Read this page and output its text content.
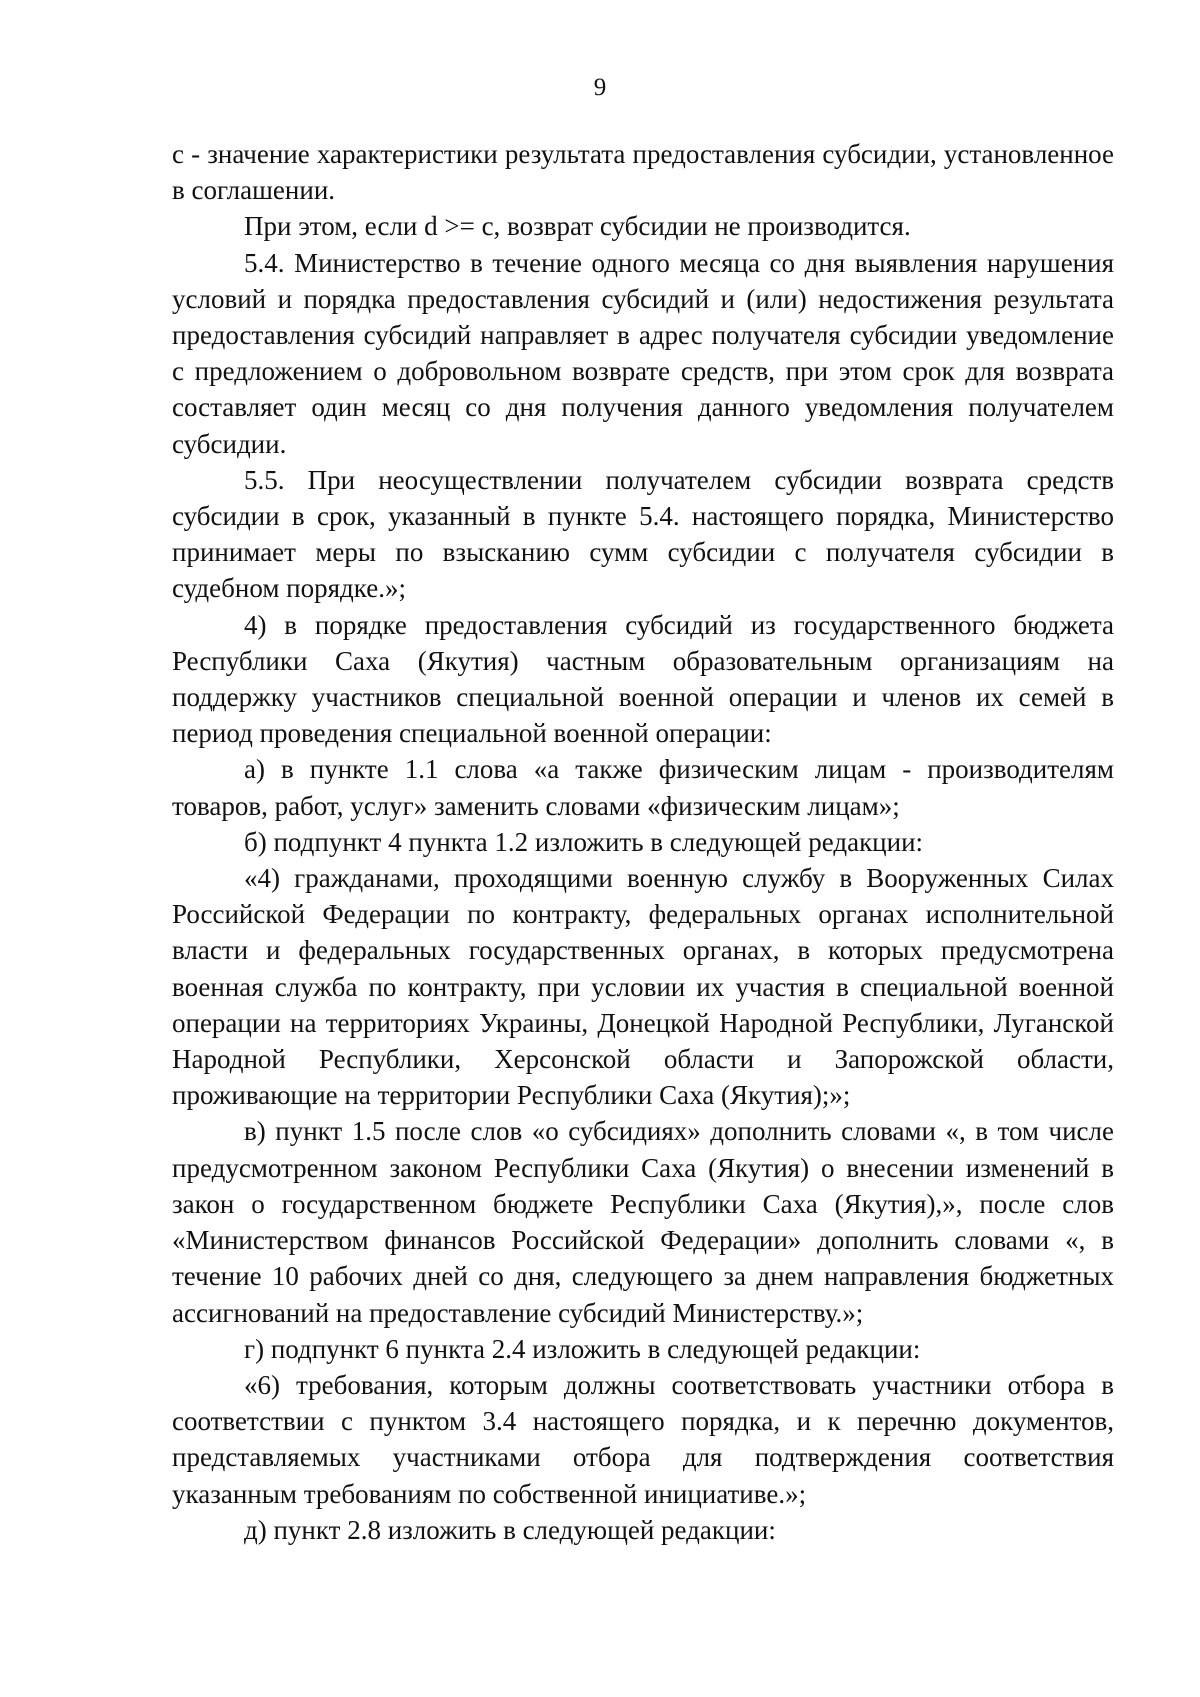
9

с - значение характеристики результата предоставления субсидии, установленное в соглашении.

При этом, если d >= c, возврат субсидии не производится.

5.4. Министерство в течение одного месяца со дня выявления нарушения условий и порядка предоставления субсидий и (или) недостижения результата предоставления субсидий направляет в адрес получателя субсидии уведомление с предложением о добровольном возврате средств, при этом срок для возврата составляет один месяц со дня получения данного уведомления получателем субсидии.

5.5. При неосуществлении получателем субсидии возврата средств субсидии в срок, указанный в пункте 5.4. настоящего порядка, Министерство принимает меры по взысканию сумм субсидии с получателя субсидии в судебном порядке.»;

4) в порядке предоставления субсидий из государственного бюджета Республики Саха (Якутия) частным образовательным организациям на поддержку участников специальной военной операции и членов их семей в период проведения специальной военной операции:

а) в пункте 1.1 слова «а также физическим лицам - производителям товаров, работ, услуг» заменить словами «физическим лицам»;

б) подпункт 4 пункта 1.2 изложить в следующей редакции:

«4) гражданами, проходящими военную службу в Вооруженных Силах Российской Федерации по контракту, федеральных органах исполнительной власти и федеральных государственных органах, в которых предусмотрена военная служба по контракту, при условии их участия в специальной военной операции на территориях Украины, Донецкой Народной Республики, Луганской Народной Республики, Херсонской области и Запорожской области, проживающие на территории Республики Саха (Якутия);»;

в) пункт 1.5 после слов «о субсидиях» дополнить словами «, в том числе предусмотренном законом Республики Саха (Якутия) о внесении изменений в закон о государственном бюджете Республики Саха (Якутия),», после слов «Министерством финансов Российской Федерации» дополнить словами «, в течение 10 рабочих дней со дня, следующего за днем направления бюджетных ассигнований на предоставление субсидий Министерству.»;

г) подпункт 6 пункта 2.4 изложить в следующей редакции:

«6) требования, которым должны соответствовать участники отбора в соответствии с пунктом 3.4 настоящего порядка, и к перечню документов, представляемых участниками отбора для подтверждения соответствия указанным требованиям по собственной инициативе.»;

д) пункт 2.8 изложить в следующей редакции:
